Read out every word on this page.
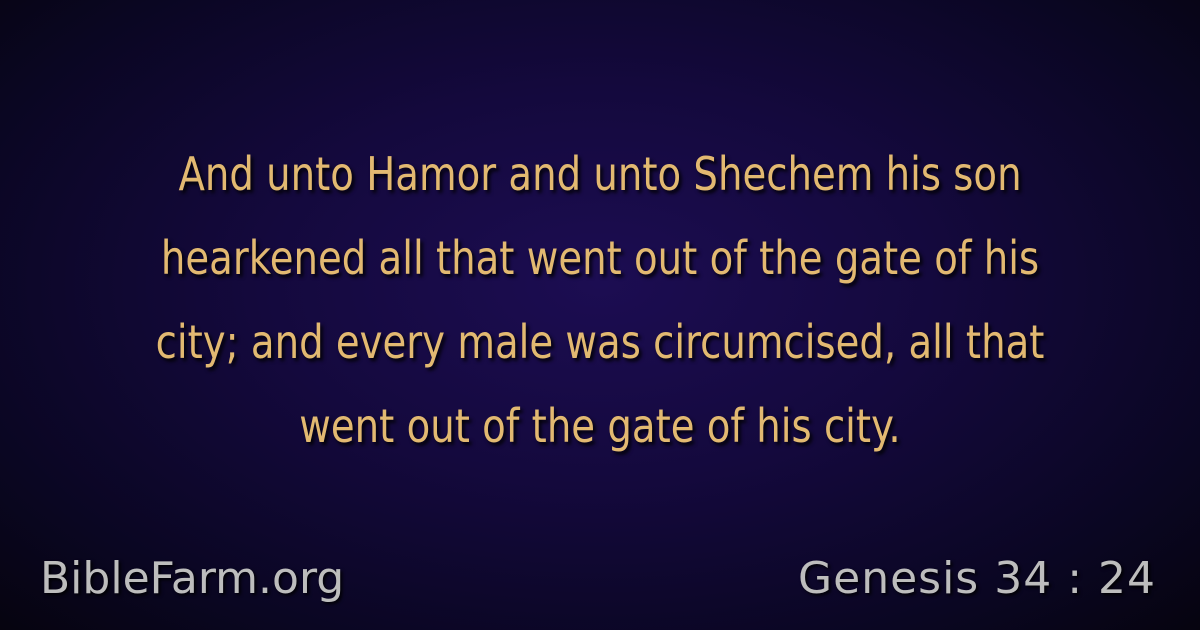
And unto Hamor and unto Shechem his son hearkened all that went out of the gate of his city; and every male was circumcised, all that went out of the gate of his city.

BibleFarm.org	Genesis 34 : 24
